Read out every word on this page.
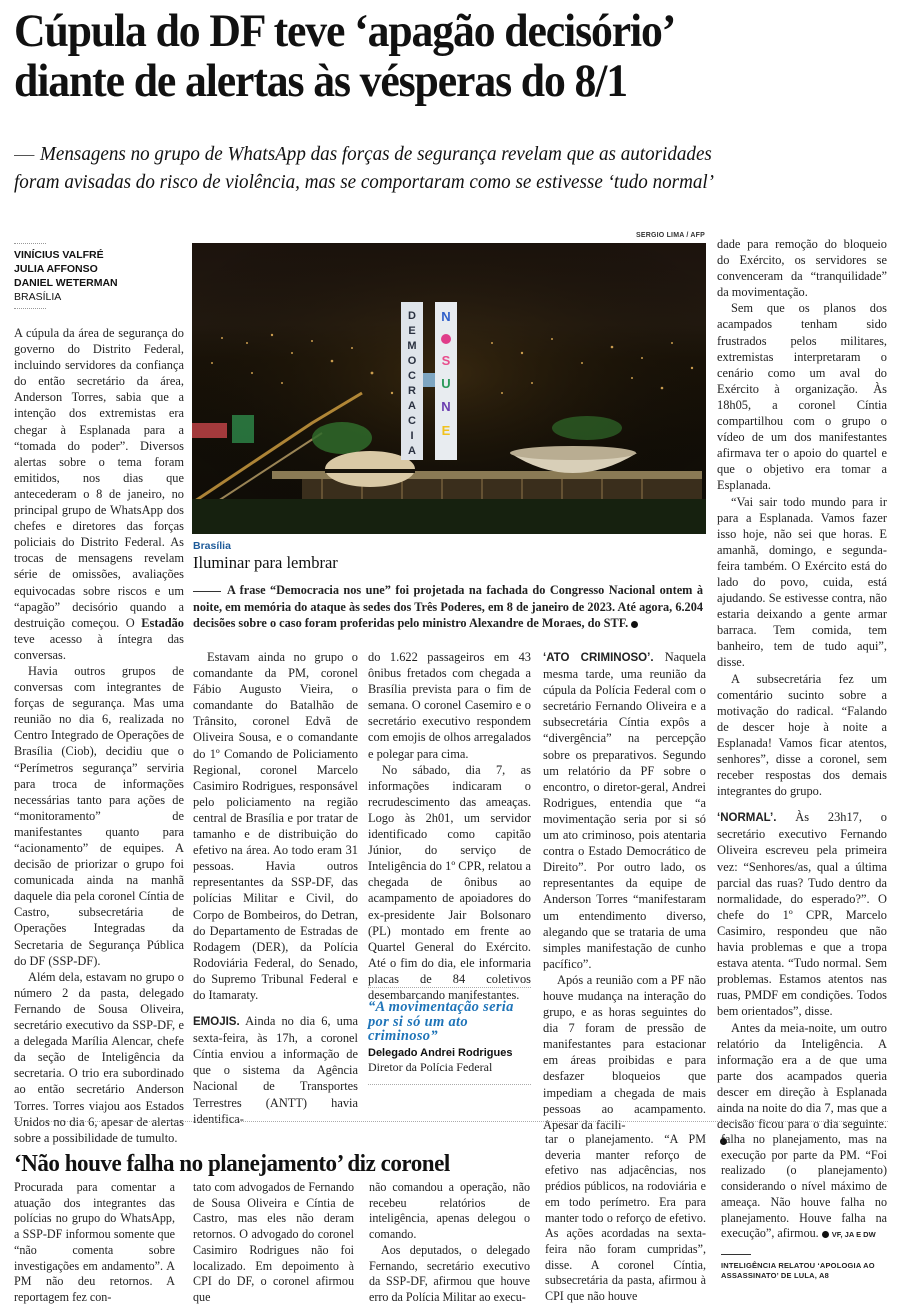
Cúpula do DF teve ‘apagão decisório’
diante de alertas às vésperas do 8/1

Mensagens no grupo de WhatsApp das forças de segurança revelam que as autoridades
foram avisadas do risco de violência, mas se comportaram como se estivesse ‘tudo normal’

VINÍCIUS VALFRÉ
JULIA AFFONSO
DANIEL WETERMAN
BRASÍLIA

A cúpula da área de segurança do governo do Distrito Federal, incluindo servidores da confiança do então secretário da área, Anderson Torres, sabia que a intenção dos extremistas era chegar à Esplanada para a “tomada do poder”. Diversos alertas sobre o tema foram emitidos, nos dias que antecederam o 8 de janeiro, no principal grupo de WhatsApp dos chefes e diretores das forças policiais do Distrito Federal. As trocas de mensagens revelam série de omissões, avaliações equivocadas sobre riscos e um “apagão” decisório quando a destruição começou. O Estadão teve acesso à íntegra das conversas.

Havia outros grupos de conversas com integrantes de forças de segurança. Mas uma reunião no dia 6, realizada no Centro Integrado de Operações de Brasília (Ciob), decidiu que o “Perímetros segurança” serviria para troca de informações necessárias tanto para ações de “monitoramento” de manifestantes quanto para “acionamento” de equipes. A decisão de priorizar o grupo foi comunicada ainda na manhã daquele dia pela coronel Cíntia de Castro, subsecretária de Operações Integradas da Secretaria de Segurança Pública do DF (SSP-DF).

Além dela, estavam no grupo o número 2 da pasta, delegado Fernando de Sousa Oliveira, secretário executivo da SSP-DF, e a delegada Marília Alencar, chefe da seção de Inteligência da secretaria. O trio era subordinado ao então secretário Anderson Torres. Torres viajou aos Estados Unidos no dia 6, apesar de alertas sobre a possibilidade de tumulto.

SERGIO LIMA / AFP
D
E
M
O
C
R
A
C
I
A
N
S
U
N
E
Brasília
Iluminar para lembrar
A frase “Democracia nos une” foi projetada na fachada do Congresso Nacional ontem à noite, em memória do ataque às sedes dos Três Poderes, em 8 de janeiro de 2023. Até agora, 6.204 decisões sobre o caso foram proferidas pelo ministro Alexandre de Moraes, do STF.

Estavam ainda no grupo o comandante da PM, coronel Fábio Augusto Vieira, o comandante do Batalhão de Trânsito, coronel Edvã de Oliveira Sousa, e o comandante do 1º Comando de Policiamento Regional, coronel Marcelo Casimiro Rodrigues, responsável pelo policiamento na região central de Brasília e por tratar de tamanho e de distribuição do efetivo na área. Ao todo eram 31 pessoas. Havia outros representantes da SSP-DF, das polícias Militar e Civil, do Corpo de Bombeiros, do Detran, do Departamento de Estradas de Rodagem (DER), da Polícia Rodoviária Federal, do Senado, do Supremo Tribunal Federal e do Itamaraty.

EMOJIS. Ainda no dia 6, uma sexta-feira, às 17h, a coronel Cíntia enviou a informação de que o sistema da Agência Nacional de Transportes Terrestres (ANTT) havia identifica-

do 1.622 passageiros em 43 ônibus fretados com chegada a Brasília prevista para o fim de semana. O coronel Casemiro e o secretário executivo respondem com emojis de olhos arregalados e polegar para cima.

No sábado, dia 7, as informações indicaram o recrudescimento das ameaças. Logo às 2h01, um servidor identificado como capitão Júnior, do serviço de Inteligência do 1º CPR, relatou a chegada de ônibus ao acampamento de apoiadores do ex-presidente Jair Bolsonaro (PL) montado em frente ao Quartel General do Exército. Até o fim do dia, ele informaria placas de 84 coletivos desembarcando manifestantes.

“A movimentação seria por si só um ato criminoso”

Delegado Andrei Rodrigues
Diretor da Polícia Federal

‘ATO CRIMINOSO’. Naquela mesma tarde, uma reunião da cúpula da Polícia Federal com o secretário Fernando Oliveira e a subsecretária Cíntia expôs a “divergência” na percepção sobre os preparativos. Segundo um relatório da PF sobre o encontro, o diretor-geral, Andrei Rodrigues, entendia que “a movimentação seria por si só um ato criminoso, pois atentaria contra o Estado Democrático de Direito”. Por outro lado, os representantes da equipe de Anderson Torres “manifestaram um entendimento diverso, alegando que se trataria de uma simples manifestação de cunho pacífico”.

Após a reunião com a PF não houve mudança na interação do grupo, e as horas seguintes do dia 7 foram de pressão de manifestantes para estacionar em áreas proibidas e para desfazer bloqueios que impediam a chegada de mais pessoas ao acampamento. Apesar da facili-

dade para remoção do bloqueio do Exército, os servidores se convenceram da “tranquilidade” da movimentação.

Sem que os planos dos acampados tenham sido frustrados pelos militares, extremistas interpretaram o cenário como um aval do Exército à organização. Às 18h05, a coronel Cíntia compartilhou com o grupo o vídeo de um dos manifestantes afirmava ter o apoio do quartel e que o objetivo era tomar a Esplanada.

“Vai sair todo mundo para ir para a Esplanada. Vamos fazer isso hoje, não sei que horas. E amanhã, domingo, e segunda-feira também. O Exército está do lado do povo, cuida, está ajudando. Se estivesse contra, não estaria deixando a gente armar barraca. Tem comida, tem banheiro, tem de tudo aqui”, disse.

A subsecretária fez um comentário sucinto sobre a motivação do radical. “Falando de descer hoje à noite a Esplanada! Vamos ficar atentos, senhores”, disse a coronel, sem receber respostas dos demais integrantes do grupo.

‘NORMAL’. Às 23h17, o secretário executivo Fernando Oliveira escreveu pela primeira vez: “Senhores/as, qual a última parcial das ruas? Tudo dentro da normalidade, do esperado?”. O chefe do 1º CPR, Marcelo Casimiro, respondeu que não havia problemas e que a tropa estava atenta. “Tudo normal. Sem problemas. Estamos atentos nas ruas, PMDF em condições. Todos bem orientados”, disse.

Antes da meia-noite, um outro relatório da Inteligência. A informação era a de que uma parte dos acampados queria descer em direção à Esplanada ainda na noite do dia 7, mas que a decisão ficou para o dia seguinte.

‘Não houve falha no planejamento’ diz coronel

Procurada para comentar a atuação dos integrantes das polícias no grupo do WhatsApp, a SSP-DF informou somente que “não comenta sobre investigações em andamento”. A PM não deu retornos. A reportagem fez con-

tato com advogados de Fernando de Sousa Oliveira e Cíntia de Castro, mas eles não deram retornos. O advogado do coronel Casimiro Rodrigues não foi localizado. Em depoimento à CPI do DF, o coronel afirmou que

não comandou a operação, não recebeu relatórios de inteligência, apenas delegou o comando.

Aos deputados, o delegado Fernando, secretário executivo da SSP-DF, afirmou que houve erro da Polícia Militar ao execu-

tar o planejamento. “A PM deveria manter reforço de efetivo nas adjacências, nos prédios públicos, na rodoviária e em todo perímetro. Era para manter todo o reforço de efetivo. As ações acordadas na sexta-feira não foram cumpridas”, disse. A coronel Cíntia, subsecretária da pasta, afirmou à CPI que não houve

falha no planejamento, mas na execução por parte da PM. “Foi realizado (o planejamento) considerando o nível máximo de ameaça. Não houve falha no planejamento. Houve falha na execução”, afirmou. VF, JA E DW

INTELIGÊNCIA RELATOU ‘APOLOGIA AO ASSASSINATO’ DE LULA, A8
